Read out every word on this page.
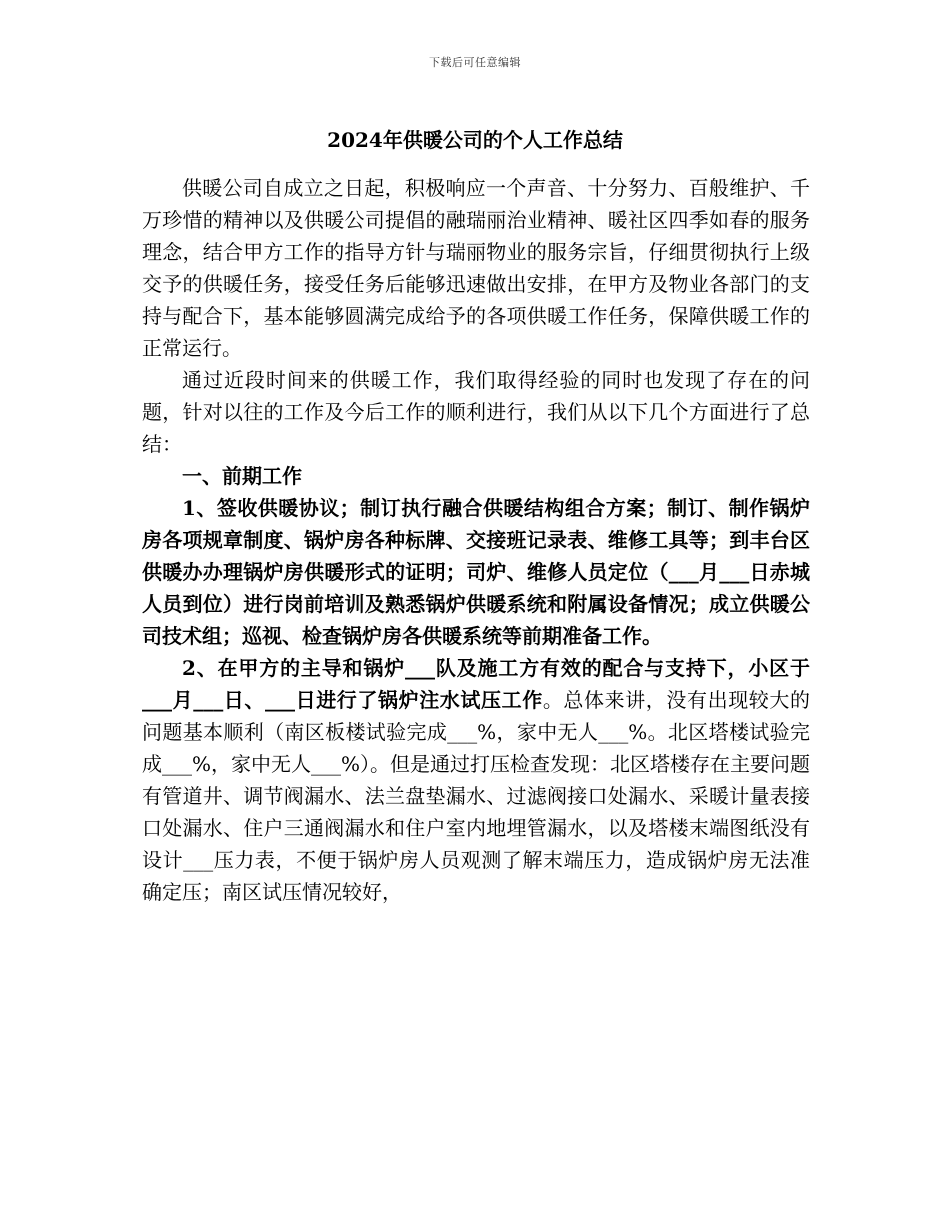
下载后可任意编辑
2024年供暖公司的个人工作总结

供暖公司自成立之日起，积极响应一个声音、十分努力、百般维护、千万珍惜的精神以及供暖公司提倡的融瑞丽治业精神、暖社区四季如春的服务理念，结合甲方工作的指导方针与瑞丽物业的服务宗旨，仔细贯彻执行上级交予的供暖任务，接受任务后能够迅速做出安排，在甲方及物业各部门的支持与配合下，基本能够圆满完成给予的各项供暖工作任务，保障供暖工作的正常运行。

通过近段时间来的供暖工作，我们取得经验的同时也发现了存在的问题，针对以往的工作及今后工作的顺利进行，我们从以下几个方面进行了总结：

一、前期工作

1、签收供暖协议；制订执行融合供暖结构组合方案；制订、制作锅炉房各项规章制度、锅炉房各种标牌、交接班记录表、维修工具等；到丰台区供暖办办理锅炉房供暖形式的证明；司炉、维修人员定位（___月___日赤城人员到位）进行岗前培训及熟悉锅炉供暖系统和附属设备情况；成立供暖公司技术组；巡视、检查锅炉房各供暖系统等前期准备工作。

2、在甲方的主导和锅炉___队及施工方有效的配合与支持下，小区于___月___日、___日进行了锅炉注水试压工作。总体来讲，没有出现较大的问题基本顺利（南区板楼试验完成___%，家中无人___%。北区塔楼试验完成___%，家中无人___%）。但是通过打压检查发现：北区塔楼存在主要问题有管道井、调节阀漏水、法兰盘垫漏水、过滤阀接口处漏水、采暖计量表接口处漏水、住户三通阀漏水和住户室内地埋管漏水，以及塔楼末端图纸没有设计___压力表，不便于锅炉房人员观测了解末端压力，造成锅炉房无法准确定压；南区试压情况较好，
